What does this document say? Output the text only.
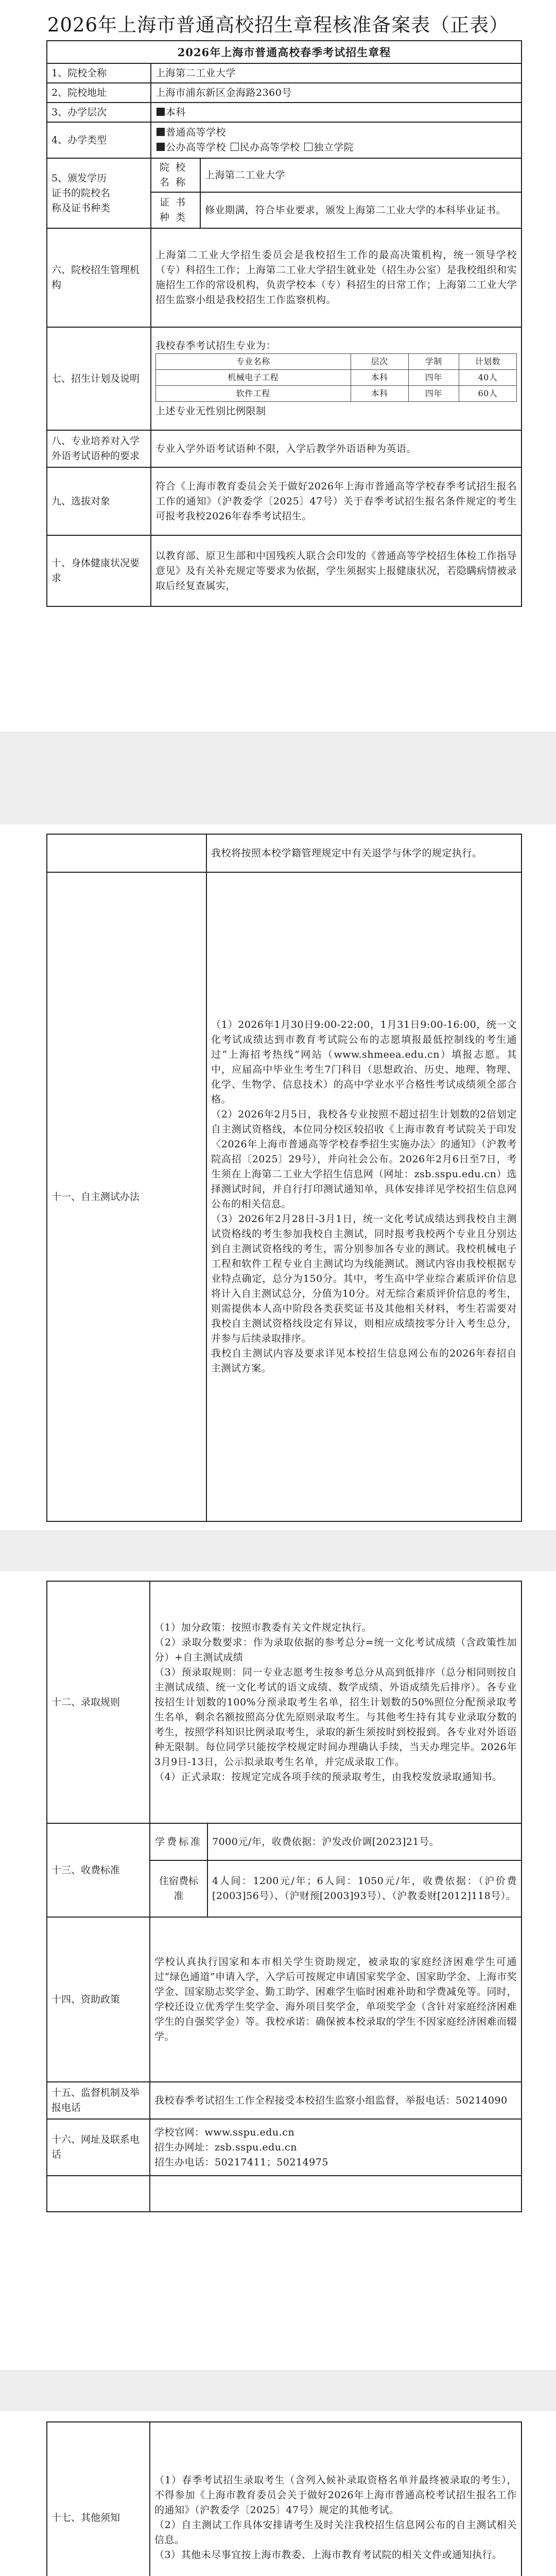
2026年上海市普通高校招生章程核准备案表（正表）
2026年上海市普通高校春季考试招生章程
1、院校全称	上海第二工业大学
2、院校地址	上海市浦东新区金海路2360号
3、办学层次	本科
4、办学类型	
普通高等学校
公办高等学校 民办高等学校 独立学院

5、颁发学历
证书的院校名
称及证书种类
	院校名称	上海第二工业大学
证书种类	修业期满，符合毕业要求，颁发上海第二工业大学的本科毕业证书。
六、院校招生管理机构	上海第二工业大学招生委员会是我校招生工作的最高决策机构，统一领导学校（专）科招生工作；上海第二工业大学招生就业处（招生办公室）是我校组织和实施招生工作的常设机构，负责学校本（专）科招生的日常工作；上海第二工业大学招生监察小组是我校招生工作监察机构。
七、招生计划及说明	
我校春季考试招生专业为：
专业名称	层次	学制	计划数
机械电子工程	本科	四年	40人
软件工程	本科	四年	60人
上述专业无性别比例限制

八、专业培养对入学外语考试语种的要求	专业入学外语考试语种不限，入学后教学外语语种为英语。
九、选拔对象	符合《上海市教育委员会关于做好2026年上海市普通高等学校春季考试招生报名工作的通知》（沪教委学〔2025〕47号）关于春季考试招生报名条件规定的考生可报考我校2026年春季考试招生。
十、身体健康状况要求	以教育部、原卫生部和中国残疾人联合会印发的《普通高等学校招生体检工作指导意见》及有关补充规定等要求为依据，学生须据实上报健康状况，若隐瞒病情被录取后经复查属实，
	我校将按照本校学籍管理规定中有关退学与休学的规定执行。
十一、自主测试办法	（1）2026年1月30日9:00-22:00，1月31日9:00-16:00，统一文化考试成绩达到市教育考试院公布的志愿填报最低控制线的考生通过“上海招考热线”网站（www.shmeea.edu.cn）填报志愿。其中，应届高中毕业生考生7门科目（思想政治、历史、地理、物理、化学、生物学、信息技术）的高中学业水平合格性考试成绩须全部合格。
（2）2026年2月5日，我校各专业按照不超过招生计划数的2倍划定自主测试资格线，本位同分校区较招收《上海市教育考试院关于印发〈2026年上海市普通高等学校春季招生实施办法〉的通知》（沪教考院高招〔2025〕29号），并向社会公布。2026年2月6日至7日，考生须在上海第二工业大学招生信息网（网址：zsb.sspu.edu.cn）选择测试时间，并自行打印测试通知单，具体安排详见学校招生信息网公布的相关信息。
（3）2026年2月28日-3月1日，统一文化考试成绩达到我校自主测试资格线的考生参加我校自主测试，同时报考我校两个专业且分别达到自主测试资格线的考生，需分别参加各专业的测试。我校机械电子工程和软件工程专业自主测试均为线能测试。测试内容由我校根据专业特点确定，总分为150分。其中，考生高中学业综合素质评价信息将计入自主测试总分，分值为10分。对无综合素质评价信息的考生，则需提供本人高中阶段各类获奖证书及其他相关材料，考生若需要对我校自主测试资格线设定有异议，则相应成绩按零分计入考生总分，并参与后续录取排序。
我校自主测试内容及要求详见本校招生信息网公布的2026年春招自主测试方案。
十二、录取规则	（1）加分政策：按照市教委有关文件规定执行。
（2）录取分数要求：作为录取依据的参考总分=统一文化考试成绩（含政策性加分）+自主测试成绩
（3）预录取规则：同一专业志愿考生按参考总分从高到低排序（总分相同则按自主测试成绩、统一文化考试的语文成绩、数学成绩、外语成绩先后排序）。各专业按招生计划数的100%分预录取考生名单，招生计划数的50%照位分配预录取考生名单，剩余名额按照高分优先原则录取考生。与其他考生持有其专业录取分数的考生，按照学科知识比例录取考生，录取的新生须按时到校报到。各专业对外语语种无限制。每位同学只能按学校规定时间办理确认手续，当天办理完毕。2026年3月9日-13日，公示拟录取考生名单，并完成录取工作。
（4）正式录取：按规定完成各项手续的预录取考生，由我校发放录取通知书。	
十三、收费标准	学费标准	7000元/年，收费依据：沪发改价调[2023]21号。
	住宿费标准	4人间：1200元/年；6人间：1050元/年，收费依据：（沪价费[2003]56号）、（沪财预[2003]93号）、（沪教委财[2012]118号）。
十四、资助政策	学校认真执行国家和本市相关学生资助规定，被录取的家庭经济困难学生可通过“绿色通道”申请入学，入学后可按规定申请国家奖学金、国家助学金、上海市奖学金、国家励志奖学金、勤工助学、困难学生临时困难补助和学费减免等。同时，学校还设立优秀学生奖学金、海外项目奖学金，单项奖学金（含针对家庭经济困难学生的自强奖学金）等。我校承诺：确保被本校录取的学生不因家庭经济困难而辍学。	
十五、监督机制及举报电话	我校春季考试招生工作全程接受本校招生监察小组监督，举报电话：50214090	
十六、网址及联系电话	学校官网：www.sspu.edu.cn
招生办网址：zsb.sspu.edu.cn
招生办电话：50217411；50214975	

十七、其他须知	（1）春季考试招生录取考生（含列入候补录取资格名单并最终被录取的考生），不得参加《上海市教育委员会关于做好2026年上海市普通高校考试招生报名工作的通知》（沪教委学〔2025〕47号）规定的其他考试。
（2）自主测试工作具体安排请考生及时关注我校招生信息网公布的自主测试相关信息。
（3）其他未尽事宜按上海市教委、上海市教育考试院的相关文件或通知执行。
